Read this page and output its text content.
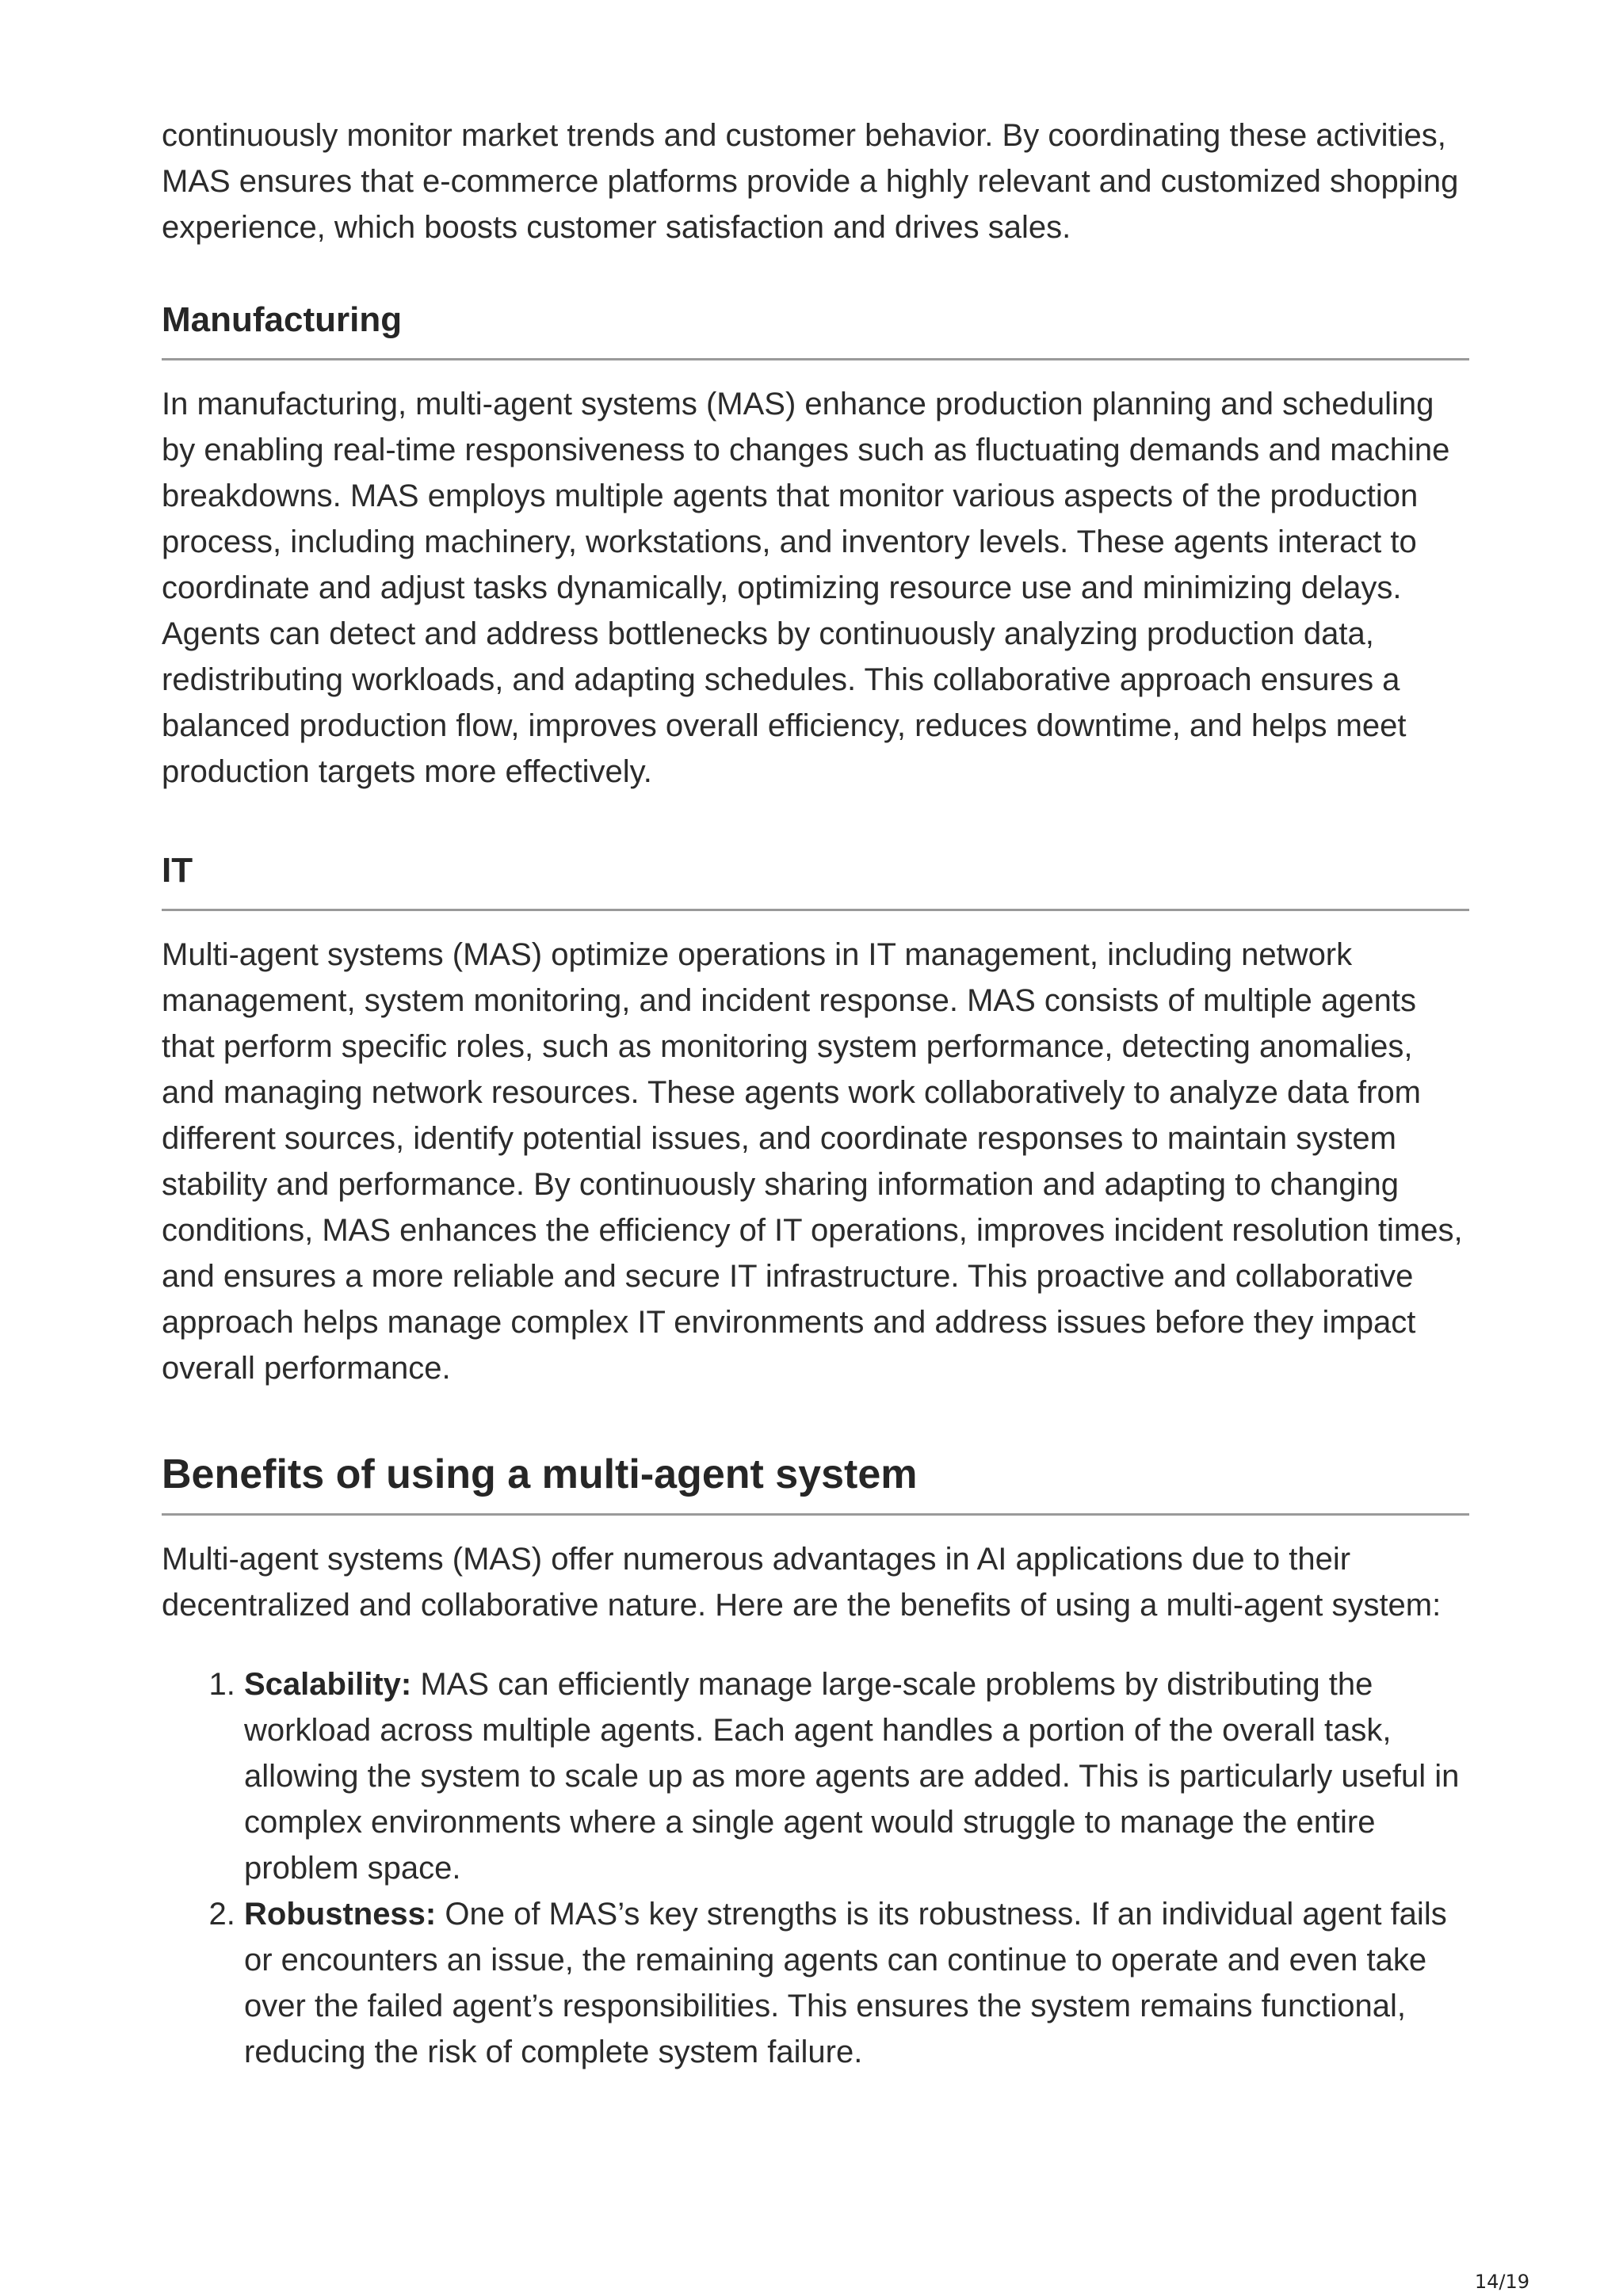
continuously monitor market trends and customer behavior. By coordinating these activities, MAS ensures that e-commerce platforms provide a highly relevant and customized shopping experience, which boosts customer satisfaction and drives sales.

Manufacturing

In manufacturing, multi-agent systems (MAS) enhance production planning and scheduling by enabling real-time responsiveness to changes such as fluctuating demands and machine breakdowns. MAS employs multiple agents that monitor various aspects of the production process, including machinery, workstations, and inventory levels. These agents interact to coordinate and adjust tasks dynamically, optimizing resource use and minimizing delays. Agents can detect and address bottlenecks by continuously analyzing production data, redistributing workloads, and adapting schedules. This collaborative approach ensures a balanced production flow, improves overall efficiency, reduces downtime, and helps meet production targets more effectively.

IT

Multi-agent systems (MAS) optimize operations in IT management, including network management, system monitoring, and incident response. MAS consists of multiple agents that perform specific roles, such as monitoring system performance, detecting anomalies, and managing network resources. These agents work collaboratively to analyze data from different sources, identify potential issues, and coordinate responses to maintain system stability and performance. By continuously sharing information and adapting to changing conditions, MAS enhances the efficiency of IT operations, improves incident resolution times, and ensures a more reliable and secure IT infrastructure. This proactive and collaborative approach helps manage complex IT environments and address issues before they impact overall performance.

Benefits of using a multi-agent system

Multi-agent systems (MAS) offer numerous advantages in AI applications due to their decentralized and collaborative nature. Here are the benefits of using a multi-agent system:

1. Scalability: MAS can efficiently manage large-scale problems by distributing the workload across multiple agents. Each agent handles a portion of the overall task, allowing the system to scale up as more agents are added. This is particularly useful in complex environments where a single agent would struggle to manage the entire problem space.
2. Robustness: One of MAS’s key strengths is its robustness. If an individual agent fails or encounters an issue, the remaining agents can continue to operate and even take over the failed agent’s responsibilities. This ensures the system remains functional, reducing the risk of complete system failure.
14/19
